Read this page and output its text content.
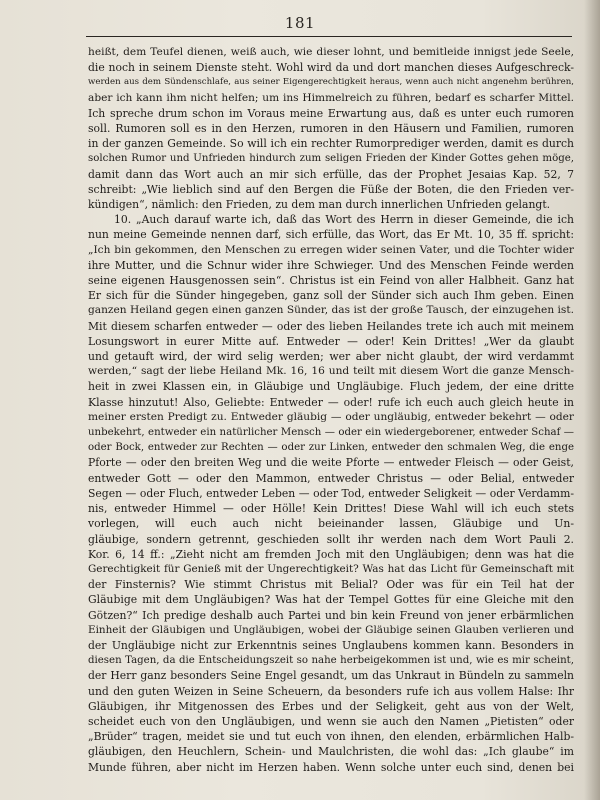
181
heißt, dem Teufel dienen, weiß auch, wie dieser lohnt, und bemitleide innigst jede Seele,
die noch in seinem Dienste steht. Wohl wird da und dort manchen dieses Aufgeschreck-
werden aus dem Sündenschlafe, aus seiner Eigengerechtigkeit heraus, wenn auch nicht angenehm berühren,
aber ich kann ihm nicht helfen; um ins Himmelreich zu führen, bedarf es scharfer Mittel.
Ich spreche drum schon im Voraus meine Erwartung aus, daß es unter euch rumoren
soll. Rumoren soll es in den Herzen, rumoren in den Häusern und Familien, rumoren
in der ganzen Gemeinde. So will ich ein rechter Rumorprediger werden, damit es durch
solchen Rumor und Unfrieden hindurch zum seligen Frieden der Kinder Gottes gehen möge,
damit dann das Wort auch an mir sich erfülle, das der Prophet Jesaias Kap. 52, 7
schreibt: „Wie lieblich sind auf den Bergen die Füße der Boten, die den Frieden ver-
kündigen“, nämlich: den Frieden, zu dem man durch innerlichen Unfrieden gelangt.
10. „Auch darauf warte ich, daß das Wort des Herrn in dieser Gemeinde, die ich
nun meine Gemeinde nennen darf, sich erfülle, das Wort, das Er Mt. 10, 35 ff. spricht:
„Ich bin gekommen, den Menschen zu erregen wider seinen Vater, und die Tochter wider
ihre Mutter, und die Schnur wider ihre Schwieger. Und des Menschen Feinde werden
seine eigenen Hausgenossen sein“. Christus ist ein Feind von aller Halbheit. Ganz hat
Er sich für die Sünder hingegeben, ganz soll der Sünder sich auch Ihm geben. Einen
ganzen Heiland gegen einen ganzen Sünder, das ist der große Tausch, der einzugehen ist.
Mit diesem scharfen entweder — oder des lieben Heilandes trete ich auch mit meinem
Losungswort in eurer Mitte auf. Entweder — oder! Kein Drittes! „Wer da glaubt
und getauft wird, der wird selig werden; wer aber nicht glaubt, der wird verdammt
werden,“ sagt der liebe Heiland Mk. 16, 16 und teilt mit diesem Wort die ganze Mensch-
heit in zwei Klassen ein, in Gläubige und Ungläubige. Fluch jedem, der eine dritte
Klasse hinzutut! Also, Geliebte: Entweder — oder! rufe ich euch auch gleich heute in
meiner ersten Predigt zu. Entweder gläubig — oder ungläubig, entweder bekehrt — oder
unbekehrt, entweder ein natürlicher Mensch — oder ein wiedergeborener, entweder Schaf —
oder Bock, entweder zur Rechten — oder zur Linken, entweder den schmalen Weg, die enge
Pforte — oder den breiten Weg und die weite Pforte — entweder Fleisch — oder Geist,
entweder Gott — oder den Mammon, entweder Christus — oder Belial, entweder
Segen — oder Fluch, entweder Leben — oder Tod, entweder Seligkeit — oder Verdamm-
nis, entweder Himmel — oder Hölle! Kein Drittes! Diese Wahl will ich euch stets
vorlegen, will euch auch nicht beieinander lassen, Gläubige und Un-
gläubige, sondern getrennt, geschieden sollt ihr werden nach dem Wort Pauli 2.
Kor. 6, 14 ff.: „Zieht nicht am fremden Joch mit den Ungläubigen; denn was hat die
Gerechtigkeit für Genieß mit der Ungerechtigkeit? Was hat das Licht für Gemeinschaft mit
der Finsternis? Wie stimmt Christus mit Belial? Oder was für ein Teil hat der
Gläubige mit dem Ungläubigen? Was hat der Tempel Gottes für eine Gleiche mit den
Götzen?“ Ich predige deshalb auch Partei und bin kein Freund von jener erbärmlichen
Einheit der Gläubigen und Ungläubigen, wobei der Gläubige seinen Glauben verlieren und
der Ungläubige nicht zur Erkenntnis seines Unglaubens kommen kann. Besonders in
diesen Tagen, da die Entscheidungszeit so nahe herbeigekommen ist und, wie es mir scheint,
der Herr ganz besonders Seine Engel gesandt, um das Unkraut in Bündeln zu sammeln
und den guten Weizen in Seine Scheuern, da besonders rufe ich aus vollem Halse: Ihr
Gläubigen, ihr Mitgenossen des Erbes und der Seligkeit, geht aus von der Welt,
scheidet euch von den Ungläubigen, und wenn sie auch den Namen „Pietisten“ oder
„Brüder“ tragen, meidet sie und tut euch von ihnen, den elenden, erbärmlichen Halb-
gläubigen, den Heuchlern, Schein- und Maulchristen, die wohl das: „Ich glaube“ im
Munde führen, aber nicht im Herzen haben. Wenn solche unter euch sind, denen bei
